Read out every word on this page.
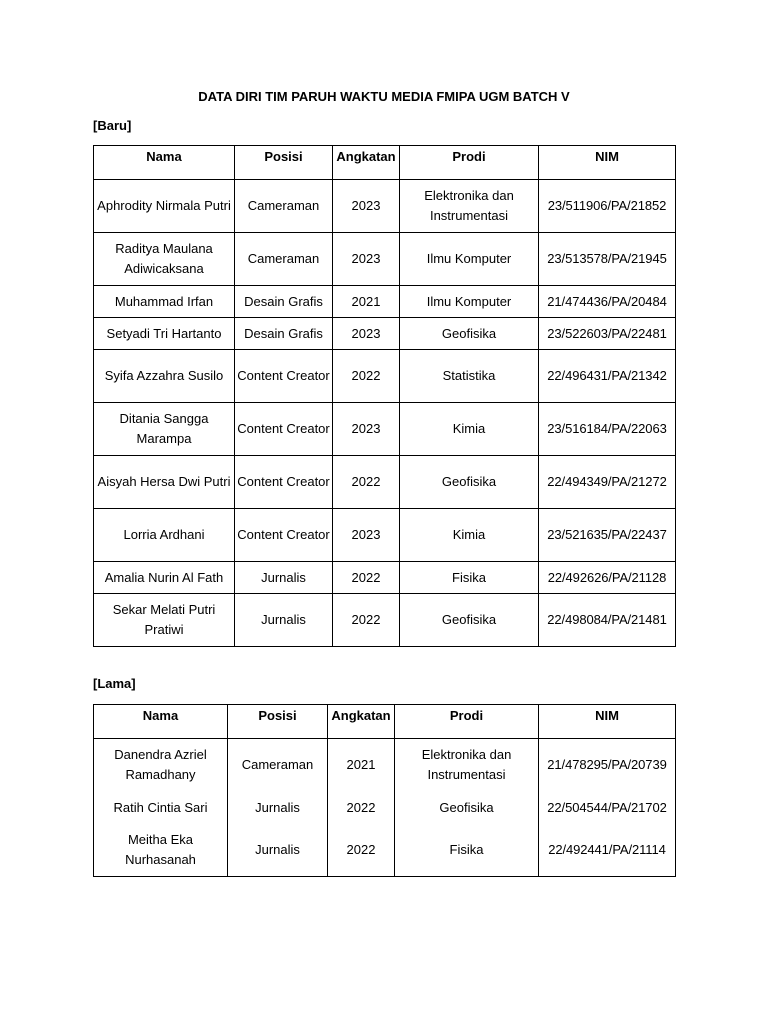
DATA DIRI TIM PARUH WAKTU MEDIA FMIPA UGM BATCH V
[Baru]
Nama	Posisi	Angkatan	Prodi	NIM
Aphrodity Nirmala Putri	Cameraman	2023	Elektronika dan Instrumentasi	23/511906/PA/21852
Raditya Maulana Adiwicaksana	Cameraman	2023	Ilmu Komputer	23/513578/PA/21945
Muhammad Irfan	Desain Grafis	2021	Ilmu Komputer	21/474436/PA/20484
Setyadi Tri Hartanto	Desain Grafis	2023	Geofisika	23/522603/PA/22481
Syifa Azzahra Susilo	Content Creator	2022	Statistika	22/496431/PA/21342
Ditania Sangga Marampa	Content Creator	2023	Kimia	23/516184/PA/22063
Aisyah Hersa Dwi Putri	Content Creator	2022	Geofisika	22/494349/PA/21272
Lorria Ardhani	Content Creator	2023	Kimia	23/521635/PA/22437
Amalia Nurin Al Fath	Jurnalis	2022	Fisika	22/492626/PA/21128
Sekar Melati Putri Pratiwi	Jurnalis	2022	Geofisika	22/498084/PA/21481
[Lama]
Nama	Posisi	Angkatan	Prodi	NIM
Danendra Azriel Ramadhany	Cameraman	2021	Elektronika dan Instrumentasi	21/478295/PA/20739
Ratih Cintia Sari	Jurnalis	2022	Geofisika	22/504544/PA/21702
Meitha Eka Nurhasanah	Jurnalis	2022	Fisika	22/492441/PA/21114
